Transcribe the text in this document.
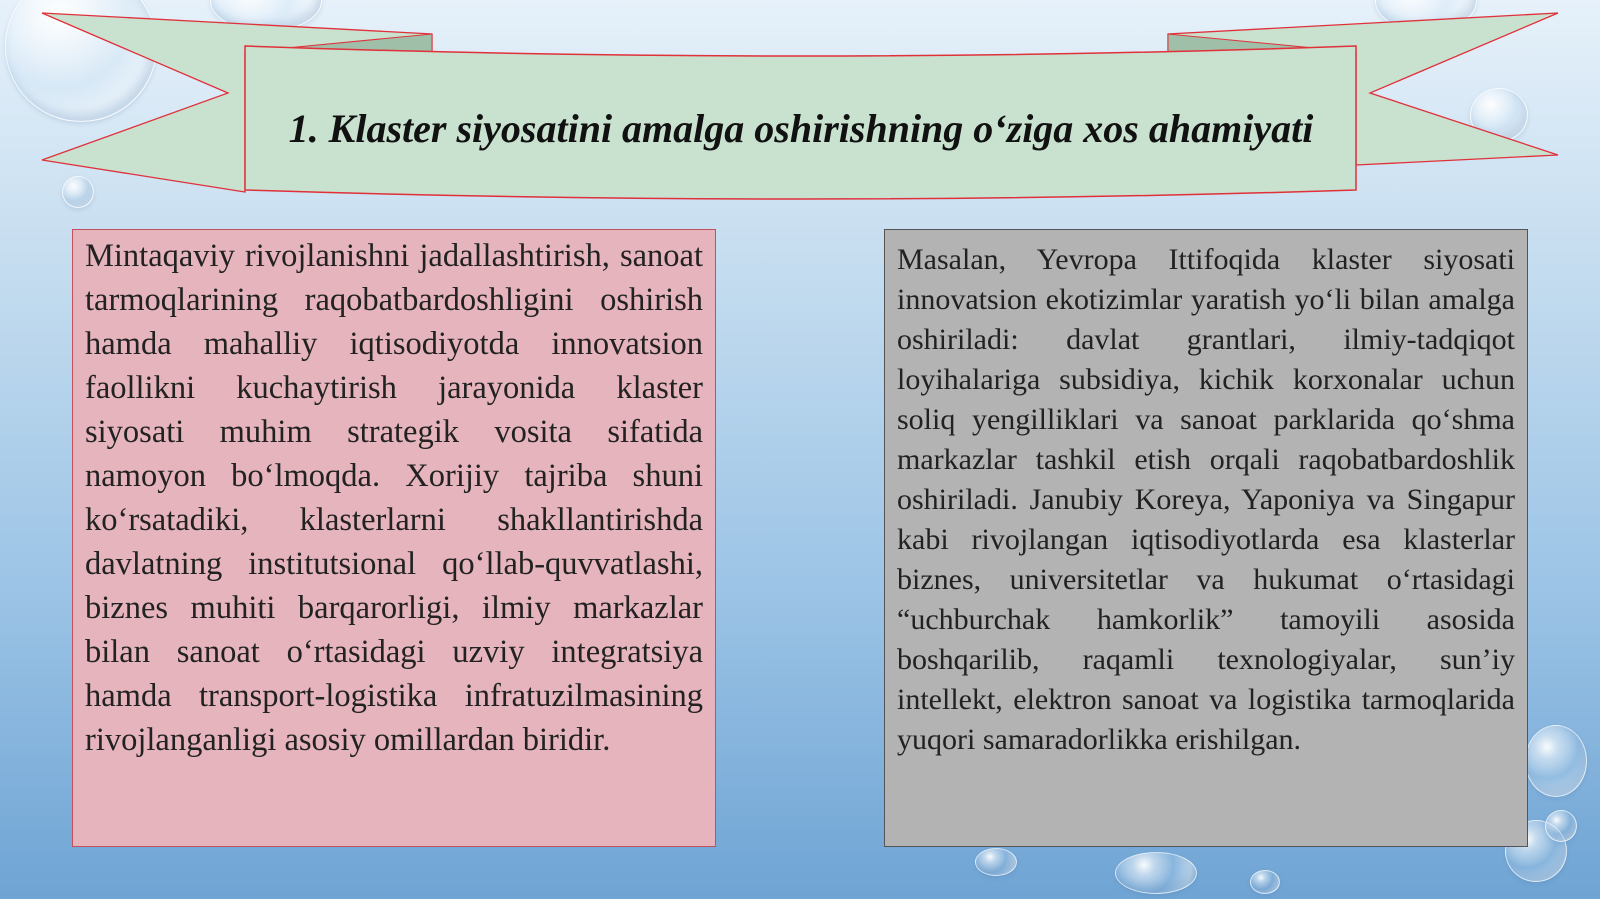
1. Klaster siyosatini amalga oshirishning o‘ziga xos ahamiyati
Mintaqaviy rivojlanishni jadallashtirish, sanoat tarmoqlarining raqobatbardoshligini oshirish hamda mahalliy iqtisodiyotda innovatsion faollikni kuchaytirish jarayonida klaster siyosati muhim strategik vosita sifatida namoyon bo‘lmoqda. Xorijiy tajriba shuni ko‘rsatadiki, klasterlarni shakllantirishda davlatning institutsional qo‘llab-quvvatlashi, biznes muhiti barqarorligi, ilmiy markazlar bilan sanoat o‘rtasidagi uzviy integratsiya hamda transport-logistika infratuzilmasining rivojlanganligi asosiy omillardan biridir.
Masalan, Yevropa Ittifoqida klaster siyosati innovatsion ekotizimlar yaratish yo‘li bilan amalga oshiriladi: davlat grantlari, ilmiy-tadqiqot loyihalariga subsidiya, kichik korxonalar uchun soliq yengilliklari va sanoat parklarida qo‘shma markazlar tashkil etish orqali raqobatbardoshlik oshiriladi. Janubiy Koreya, Yaponiya va Singapur kabi rivojlangan iqtisodiyotlarda esa klasterlar biznes, universitetlar va hukumat o‘rtasidagi “uchburchak hamkorlik” tamoyili asosida boshqarilib, raqamli texnologiyalar, sun’iy intellekt, elektron sanoat va logistika tarmoqlarida yuqori samaradorlikka erishilgan.
